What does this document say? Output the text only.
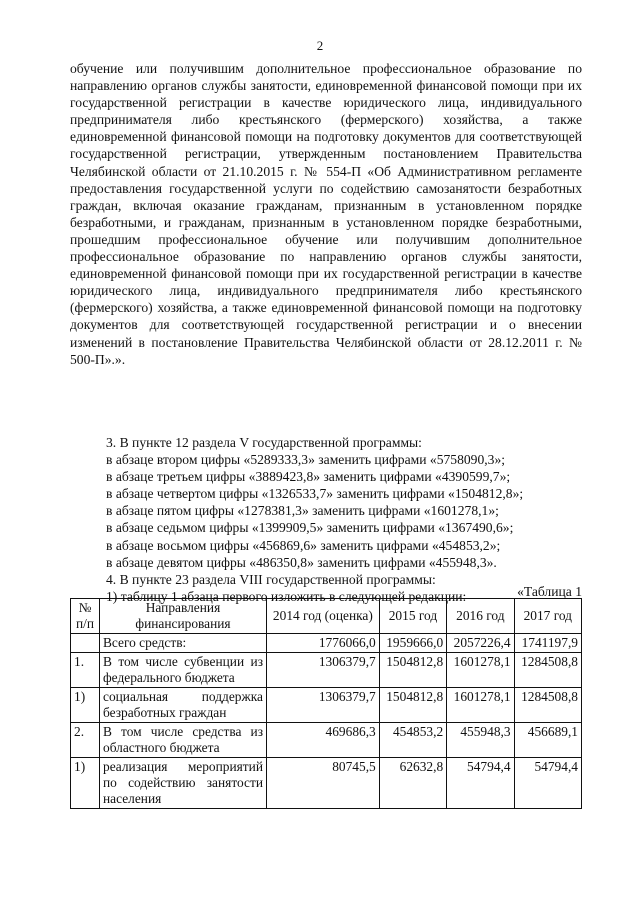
2

обучение или получившим дополнительное профессиональное образование по направлению органов службы занятости, единовременной финансовой помощи при их государственной регистрации в качестве юридического лица, индивидуального предпринимателя либо крестьянского (фермерского) хозяйства, а также единовременной финансовой помощи на подготовку документов для соответствующей государственной регистрации, утвержденным постановлением Правительства Челябинской области от 21.10.2015 г. № 554-П «Об Административном регламенте предоставления государственной услуги по содействию самозанятости безработных граждан, включая оказание гражданам, признанным в установленном порядке безработными, и гражданам, признанным в установленном порядке безработными, прошедшим профессиональное обучение или получившим дополнительное профессиональное образование по направлению органов службы занятости, единовременной финансовой помощи при их государственной регистрации в качестве юридического лица, индивидуального предпринимателя либо крестьянского (фермерского) хозяйства, а также единовременной финансовой помощи на подготовку документов для соответствующей государственной регистрации и о внесении изменений в постановление Правительства Челябинской области от 28.12.2011 г. № 500-П».».

3. В пункте 12 раздела V государственной программы:
в абзаце втором цифры «5289333,3» заменить цифрами «5758090,3»;
в абзаце третьем цифры «3889423,8» заменить цифрами «4390599,7»;
в абзаце четвертом цифры «1326533,7» заменить цифрами «1504812,8»;
в абзаце пятом цифры «1278381,3» заменить цифрами «1601278,1»;
в абзаце седьмом цифры «1399909,5» заменить цифрами «1367490,6»;
в абзаце восьмом цифры «456869,6» заменить цифрами «454853,2»;
в абзаце девятом цифры «486350,8» заменить цифрами «455948,3».
4. В пункте 23 раздела VIII государственной программы:
1) таблицу 1 абзаца первого изложить в следующей редакции:	«Таблица 1
№ п/п	Направления финансирования	2014 год (оценка)	2015 год	2016 год	2017 год
	Всего средств:	1776066,0	1959666,0	2057226,4	1741197,9
1.	В том числе субвенции из федерального бюджета	1306379,7	1504812,8	1601278,1	1284508,8
1)	социальная поддержка безработных граждан	1306379,7	1504812,8	1601278,1	1284508,8
2.	В том числе средства из областного бюджета	469686,3	454853,2	455948,3	456689,1
1)	реализация мероприятий по содействию занятости населения	80745,5	62632,8	54794,4	54794,4
